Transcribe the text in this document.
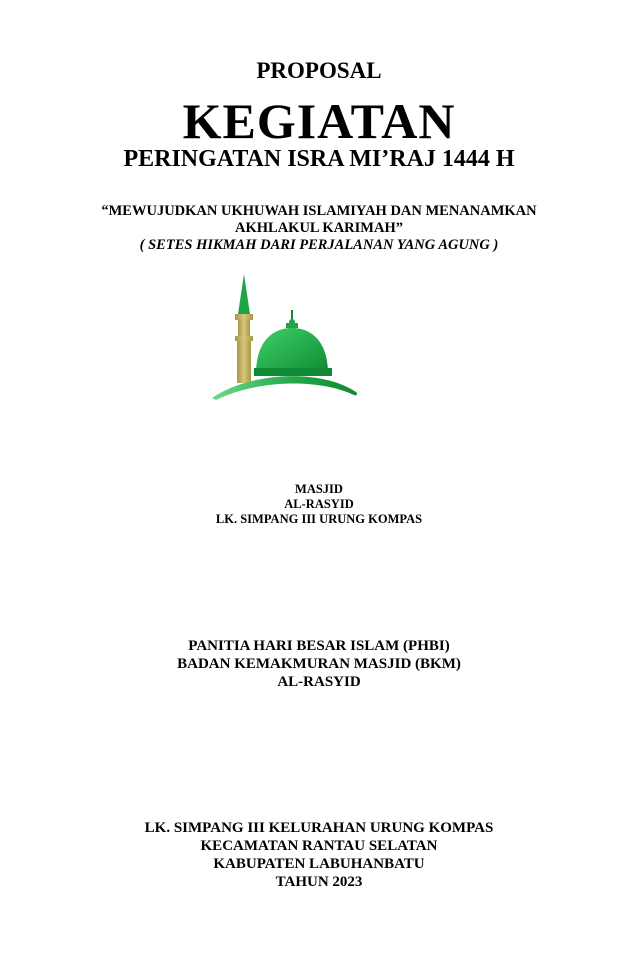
PROPOSAL
KEGIATAN
PERINGATAN ISRA MI’RAJ 1444 H
“MEWUJUDKAN UKHUWAH ISLAMIYAH DAN MENANAMKAN
AKHLAKUL KARIMAH”
( SETES HIKMAH DARI PERJALANAN YANG AGUNG )
MASJID
AL-RASYID
LK. SIMPANG III URUNG KOMPAS
PANITIA HARI BESAR ISLAM (PHBI)
BADAN KEMAKMURAN MASJID (BKM)
AL-RASYID
LK. SIMPANG III KELURAHAN URUNG KOMPAS
KECAMATAN RANTAU SELATAN
KABUPATEN LABUHANBATU
TAHUN 2023
